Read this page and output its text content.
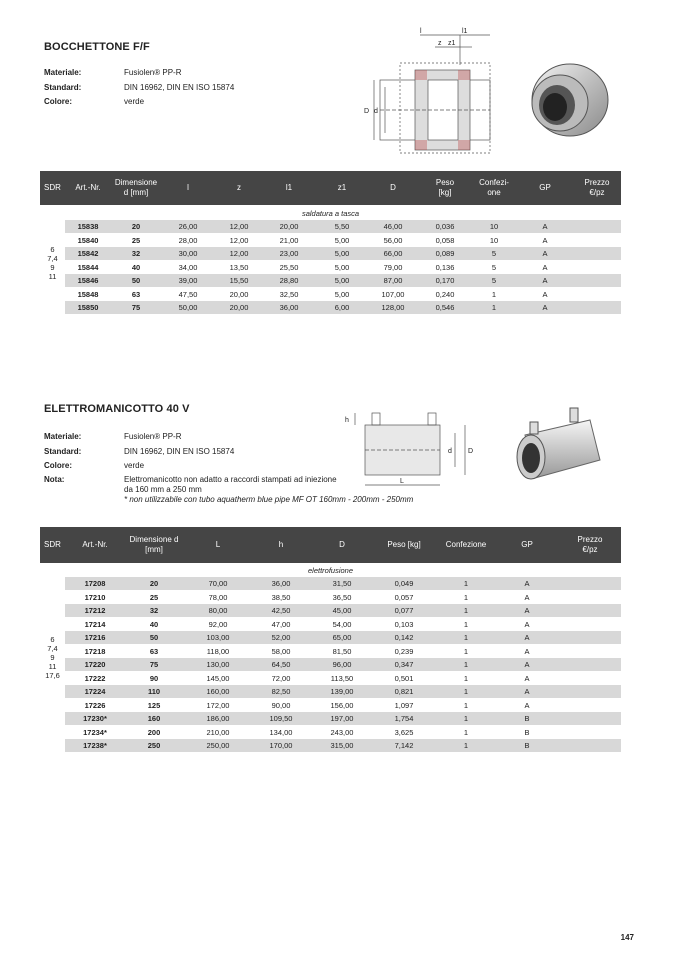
BOCCHETTONE F/F
Materiale:	Fusiolen® PP-R
Standard:	DIN 16962, DIN EN ISO 15874
Colore:	verde
l	l1
z z1
D d
SDR	Art.-Nr.
Dimensione d [mm]
l	z	l1	z1	D
Peso [kg]
Confezi- one
GP
Prezzo €/pz
saldatura a tasca
15838	20	26,00	12,00	20,00	5,50	46,00	0,036	10	A
15840	25	28,00	12,00	21,00	5,00	56,00	0,058	10	A
15842	32	30,00	12,00	23,00	5,00	66,00	0,089	5	A
15844	40	34,00	13,50	25,50	5,00	79,00	0,136	5	A
15846	50	39,00	15,50	28,80	5,00	87,00	0,170	5	A
15848	63	47,50	20,00	32,50	5,00	107,00	0,240	1	A
15850	75	50,00	20,00	36,00	6,00	128,00	0,546	1	A
6
7,4
9
11
ELETTROMANICOTTO 40 V
Materiale:	Fusiolen® PP-R
Standard:	DIN 16962, DIN EN ISO 15874
Colore:	verde
Nota:	Elettromanicotto non adatto a raccordi stampati ad iniezione
da 160 mm a 250 mm
* non utilizzabile con tubo aquatherm blue pipe MF OT 160mm - 200mm - 250mm
h
d D
L
SDR	Art.-Nr.
Dimensione d [mm]
L	h	D	Peso [kg]	Confezione	GP
Prezzo €/pz
elettrofusione
17208	20	70,00	36,00	31,50	0,049	1	A
17210	25	78,00	38,50	36,50	0,057	1	A
17212	32	80,00	42,50	45,00	0,077	1	A
17214	40	92,00	47,00	54,00	0,103	1	A
17216	50	103,00	52,00	65,00	0,142	1	A
17218	63	118,00	58,00	81,50	0,239	1	A
17220	75	130,00	64,50	96,00	0,347	1	A
17222	90	145,00	72,00	113,50	0,501	1	A
17224	110	160,00	82,50	139,00	0,821	1	A
17226	125	172,00	90,00	156,00	1,097	1	A
17230*	160	186,00	109,50	197,00	1,754	1	B
17234*	200	210,00	134,00	243,00	3,625	1	B
17238*	250	250,00	170,00	315,00	7,142	1	B
6
7,4
9
11
17,6
147
